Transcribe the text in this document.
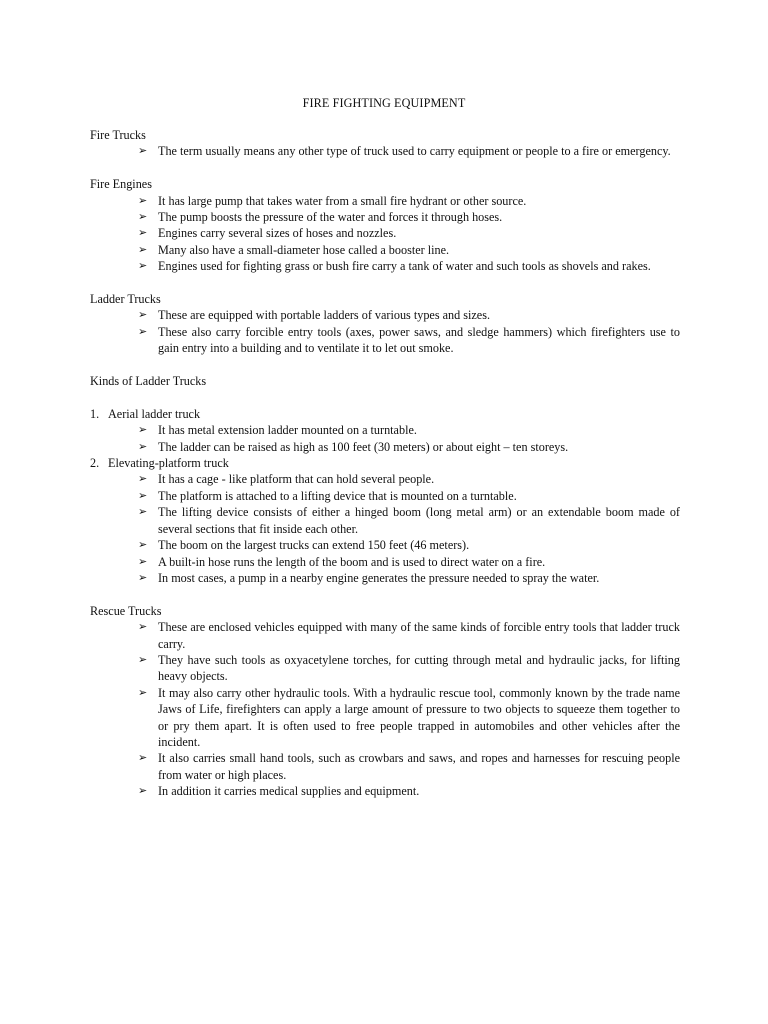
FIRE FIGHTING EQUIPMENT
Fire Trucks
➢ The term usually means any other type of truck used to carry equipment or people to a fire or emergency.
Fire Engines
➢ It has large pump that takes water from a small fire hydrant or other source.
➢ The pump boosts the pressure of the water and forces it through hoses.
➢ Engines carry several sizes of hoses and nozzles.
➢ Many also have a small-diameter hose called a booster line.
➢ Engines used for fighting grass or bush fire carry a tank of water and such tools as shovels and rakes.
Ladder Trucks
➢ These are equipped with portable ladders of various types and sizes.
➢ These also carry forcible entry tools (axes, power saws, and sledge hammers) which firefighters use to gain entry into a building and to ventilate it to let out smoke.
Kinds of Ladder Trucks
1. Aerial ladder truck
➢ It has metal extension ladder mounted on a turntable.
➢ The ladder can be raised as high as 100 feet (30 meters) or about eight – ten storeys.
2. Elevating-platform truck
➢ It has a cage - like platform that can hold several people.
➢ The platform is attached to a lifting device that is mounted on a turntable.
➢ The lifting device consists of either a hinged boom (long metal arm) or an extendable boom made of several sections that fit inside each other.
➢ The boom on the largest trucks can extend 150 feet (46 meters).
➢ A built-in hose runs the length of the boom and is used to direct water on a fire.
➢ In most cases, a pump in a nearby engine generates the pressure needed to spray the water.
Rescue Trucks
➢ These are enclosed vehicles equipped with many of the same kinds of forcible entry tools that ladder truck carry.
➢ They have such tools as oxyacetylene torches, for cutting through metal and hydraulic jacks, for lifting heavy objects.
➢ It may also carry other hydraulic tools. With a hydraulic rescue tool, commonly known by the trade name Jaws of Life, firefighters can apply a large amount of pressure to two objects to squeeze them together to or pry them apart. It is often used to free people trapped in automobiles and other vehicles after the incident.
➢ It also carries small hand tools, such as crowbars and saws, and ropes and harnesses for rescuing people from water or high places.
➢ In addition it carries medical supplies and equipment.
